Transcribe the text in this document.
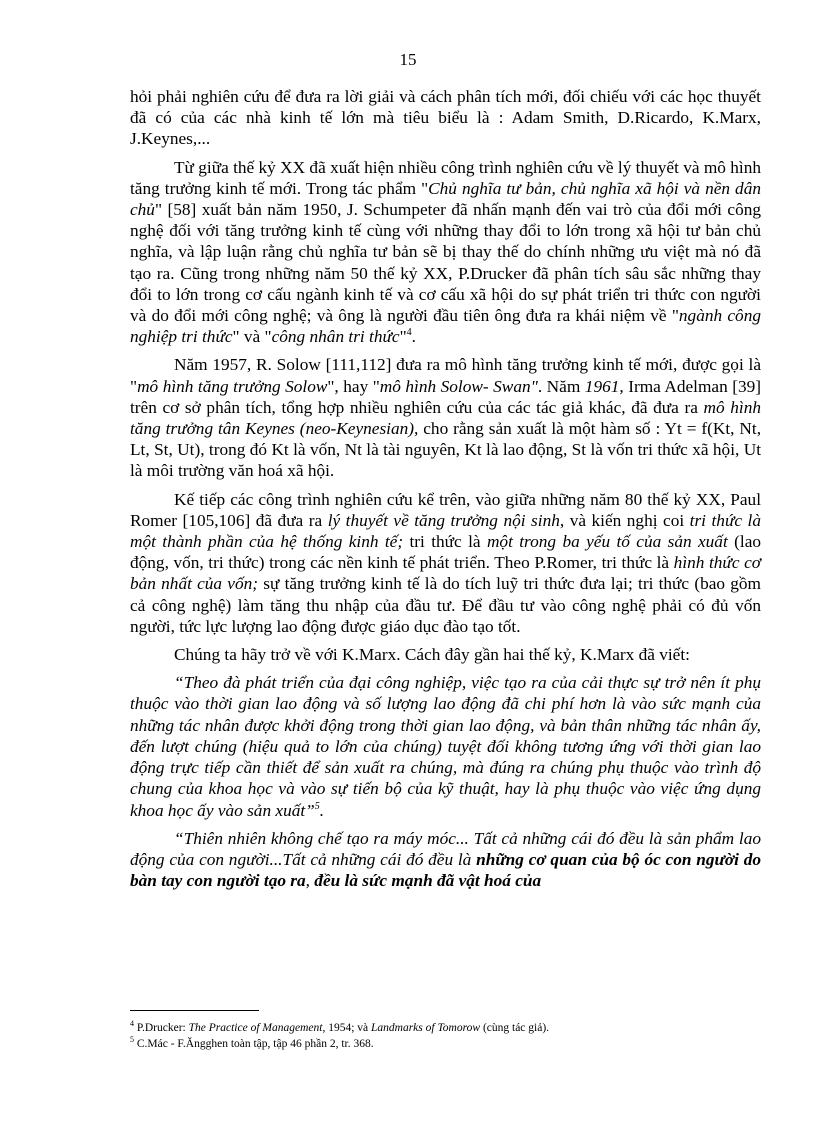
15

hỏi phải nghiên cứu để đưa ra lời giải và cách phân tích mới, đối chiếu với các học thuyết đã có của các nhà kinh tế lớn mà tiêu biểu là : Adam Smith, D.Ricardo, K.Marx, J.Keynes,...

Từ giữa thế kỷ XX đã xuất hiện nhiều công trình nghiên cứu về lý thuyết và mô hình tăng trưởng kinh tế mới. Trong tác phẩm "Chủ nghĩa tư bản, chủ nghĩa xã hội và nền dân chủ" [58] xuất bản năm 1950, J. Schumpeter đã nhấn mạnh đến vai trò của đổi mới công nghệ đối với tăng trưởng kinh tế cùng với những thay đổi to lớn trong xã hội tư bản chủ nghĩa, và lập luận rằng chủ nghĩa tư bản sẽ bị thay thế do chính những ưu việt mà nó đã tạo ra. Cũng trong những năm 50 thế kỷ XX, P.Drucker đã phân tích sâu sắc những thay đổi to lớn trong cơ cấu ngành kinh tế và cơ cấu xã hội do sự phát triển tri thức con người và do đổi mới công nghệ; và ông là người đầu tiên ông đưa ra khái niệm về "ngành công nghiệp tri thức" và "công nhân tri thức"$^4$.

Năm 1957, R. Solow [111,112] đưa ra mô hình tăng trưởng kinh tế mới, được gọi là "mô hình tăng trưởng Solow", hay "mô hình Solow- Swan". Năm 1961, Irma Adelman [39] trên cơ sở phân tích, tổng hợp nhiều nghiên cứu của các tác giả khác, đã đưa ra mô hình tăng trưởng tân Keynes (neo-Keynesian), cho rằng sản xuất là một hàm số : Yt = f(Kt, Nt, Lt, St, Ut), trong đó Kt là vốn, Nt là tài nguyên, Kt là lao động, St là vốn tri thức xã hội, Ut là môi trường văn hoá xã hội.

Kế tiếp các công trình nghiên cứu kể trên, vào giữa những năm 80 thế kỷ XX, Paul Romer [105,106] đã đưa ra lý thuyết về tăng trưởng nội sinh, và kiến nghị coi tri thức là một thành phần của hệ thống kinh tế; tri thức là một trong ba yếu tố của sản xuất (lao động, vốn, tri thức) trong các nền kinh tế phát triển. Theo P.Romer, tri thức là hình thức cơ bản nhất của vốn; sự tăng trưởng kinh tế là do tích luỹ tri thức đưa lại; tri thức (bao gồm cả công nghệ) làm tăng thu nhập của đầu tư. Để đầu tư vào công nghệ phải có đủ vốn người, tức lực lượng lao động được giáo dục đào tạo tốt.

Chúng ta hãy trở về với K.Marx. Cách đây gần hai thế kỷ, K.Marx đã viết:

“Theo đà phát triển của đại công nghiệp, việc tạo ra của cải thực sự trở nên ít phụ thuộc vào thời gian lao động và số lượng lao động đã chi phí hơn là vào sức mạnh của những tác nhân được khởi động trong thời gian lao động, và bản thân những tác nhân ấy, đến lượt chúng (hiệu quả to lớn của chúng) tuyệt đối không tương ứng với thời gian lao động trực tiếp cần thiết để sản xuất ra chúng, mà đúng ra chúng phụ thuộc vào trình độ chung của khoa học và vào sự tiến bộ của kỹ thuật, hay là phụ thuộc vào việc ứng dụng khoa học ấy vào sản xuất”$^5$.

“Thiên nhiên không chế tạo ra máy móc... Tất cả những cái đó đều là sản phẩm lao động của con người...Tất cả những cái đó đều là những cơ quan của bộ óc con người do bàn tay con người tạo ra, đều là sức mạnh đã vật hoá của

$^4$ P.Drucker: The Practice of Management, 1954; và Landmarks of Tomorow (cùng tác giả).
$^5$ C.Mác - F.Ăngghen toàn tập, tập 46 phần 2, tr. 368.
